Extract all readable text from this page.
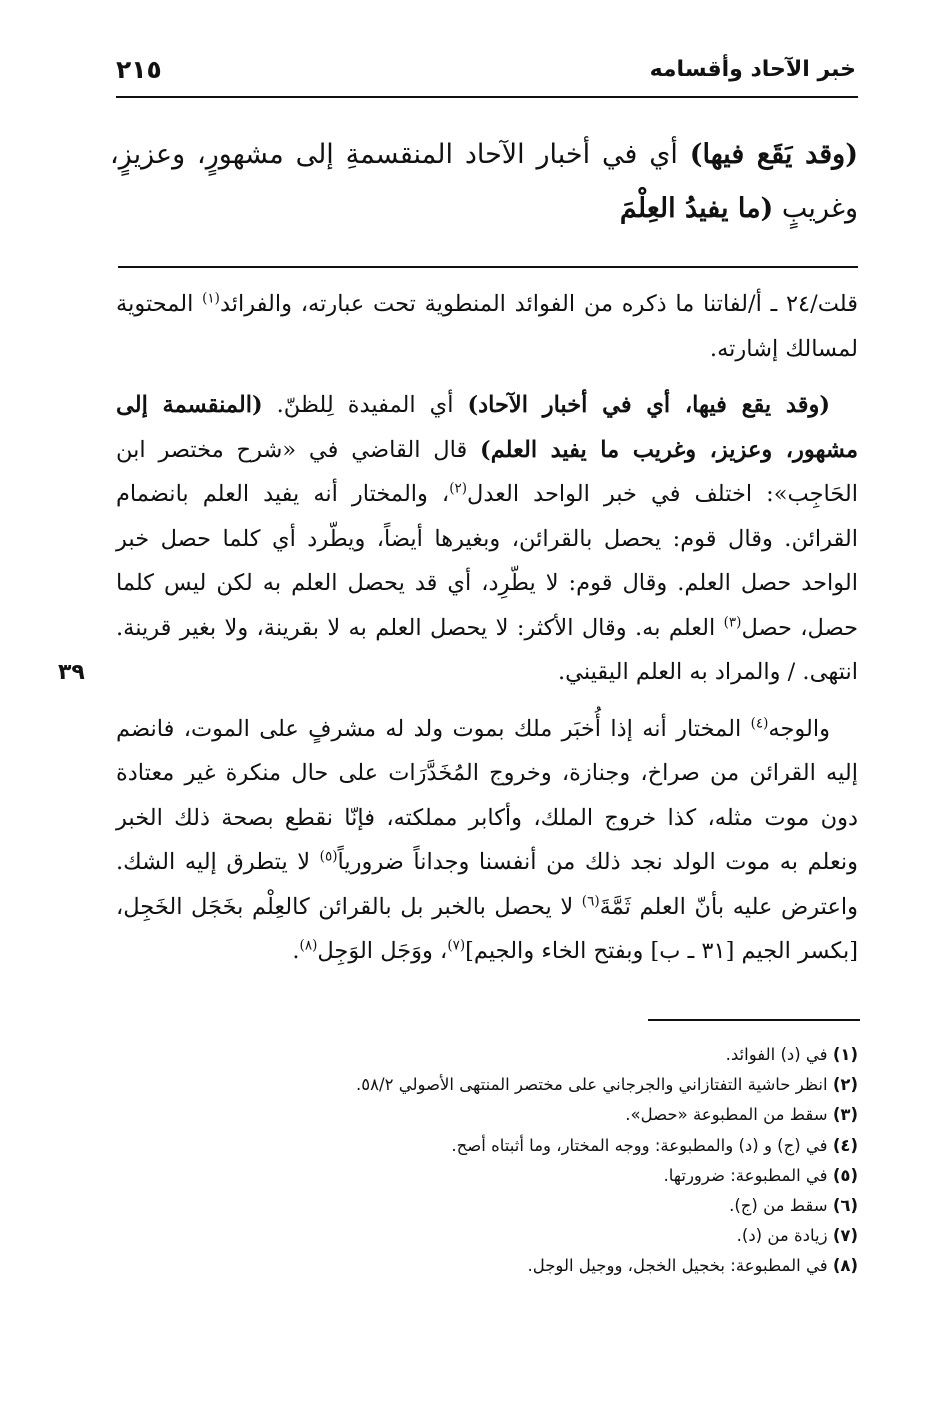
خبر الآحاد وأقسامه
٢١٥
(وقد يَقَع فيها) أي في أخبار الآحاد المنقسمةِ إلى مشهورٍ، وعزيزٍ، وغريبٍ (ما يفيدُ العِلْمَ

قلت/٢٤ ـ أ/لفاتنا ما ذكره من الفوائد المنطوية تحت عبارته، والفرائد$^{(١)}$ المحتوية لمسالك إشارته.

(وقد يقع فيها، أي في أخبار الآحاد) أي المفيدة لِلظنّ. (المنقسمة إلى مشهور، وعزيز، وغريب ما يفيد العلم) قال القاضي في «شرح مختصر ابن الحَاجِب»: اختلف في خبر الواحد العدل$^{(٢)}$، والمختار أنه يفيد العلم بانضمام القرائن. وقال قوم: يحصل بالقرائن، وبغيرها أيضاً، ويطّرد أي كلما حصل خبر الواحد حصل العلم. وقال قوم: لا يطّرِد، أي قد يحصل العلم به لكن ليس كلما حصل، حصل$^{(٣)}$ العلم به. وقال الأكثر: لا يحصل العلم به لا بقرينة، ولا بغير قرينة. انتهى. / والمراد به العلم اليقيني.

والوجه$^{(٤)}$ المختار أنه إذا أُخبَر ملك بموت ولد له مشرفٍ على الموت، فانضم إليه القرائن من صراخ، وجنازة، وخروج المُخَدَّرَات على حال منكرة غير معتادة دون موت مثله، كذا خروج الملك، وأكابر مملكته، فإنّا نقطع بصحة ذلك الخبر ونعلم به موت الولد نجد ذلك من أنفسنا وجداناً ضرورياً$^{(٥)}$ لا يتطرق إليه الشك. واعترض عليه بأنّ العلم ثَمَّةَ$^{(٦)}$ لا يحصل بالخبر بل بالقرائن كالعِلْم بخَجَل الخَجِل، [بكسر الجيم [٣١ ـ ب] وبفتح الخاء والجيم]$^{(٧)}$، ووَجَل الوَجِل$^{(٨)}$.

٣٩
(١) في (د) الفوائد.
(٢) انظر حاشية التفتازاني والجرجاني على مختصر المنتهى الأصولي ٥٨/٢.
(٣) سقط من المطبوعة «حصل».
(٤) في (ج) و (د) والمطبوعة: ووجه المختار، وما أثبتاه أصح.
(٥) في المطبوعة: ضرورتها.
(٦) سقط من (ج).
(٧) زيادة من (د).
(٨) في المطبوعة: بخجيل الخجل، ووجيل الوجل.
